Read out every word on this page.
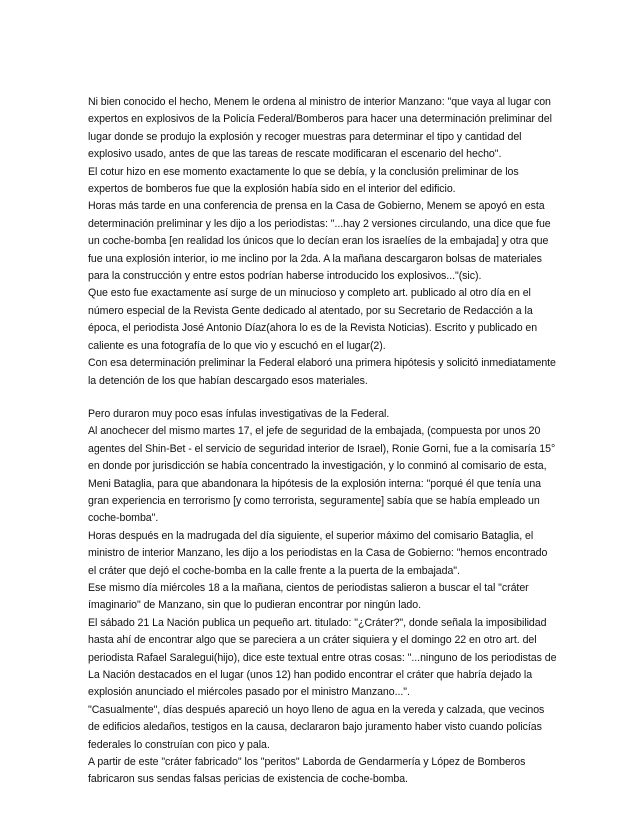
Ni bien conocido el hecho, Menem le ordena al ministro de interior Manzano: "que vaya al lugar con expertos en explosivos de la Policía Federal/Bomberos para hacer una determinación preliminar del lugar donde se produjo la explosión y recoger muestras para determinar el tipo y cantidad del explosivo usado, antes de que las tareas de rescate modificaran el escenario del hecho".

El cotur hizo en ese momento exactamente lo que se debía, y la conclusión preliminar de los expertos de bomberos fue que la explosión había sido en el interior del edificio.

Horas más tarde en una conferencia de prensa en la Casa de Gobierno, Menem se apoyó en esta determinación preliminar y les dijo a los periodistas: "...hay 2 versiones circulando, una dice que fue un coche-bomba [en realidad los únicos que lo decían eran los israelíes de la embajada] y otra que fue una explosión interior, io me inclino por la 2da. A la mañana descargaron bolsas de materiales para la construcción y entre estos podrían haberse introducido los explosivos..."(sic).

Que esto fue exactamente así surge de un minucioso y completo art. publicado al otro día en el número especial de la Revista Gente dedicado al atentado, por su Secretario de Redacción a la época, el periodista José Antonio Díaz(ahora lo es de la Revista Noticias). Escrito y publicado en caliente es una fotografía de lo que vio y escuchó en el lugar(2).

Con esa determinación preliminar la Federal elaboró una primera hipótesis y solicitó inmediatamente la detención de los que habían descargado esos materiales.

Pero duraron muy poco esas ínfulas investigativas de la Federal.

Al anochecer del mismo martes 17, el jefe de seguridad de la embajada, (compuesta por unos 20 agentes del Shin-Bet - el servicio de seguridad interior de Israel), Ronie Gorni, fue a la comisaría 15° en donde por jurisdicción se había concentrado la investigación, y lo conminó al comisario de esta, Meni Bataglia, para que abandonara la hipótesis de la explosión interna: "porqué él que tenía una gran experiencia en terrorismo [y como terrorista, seguramente] sabía que se había empleado un coche-bomba".

Horas después en la madrugada del día siguiente, el superior máximo del comisario Bataglia, el ministro de interior Manzano, les dijo a los periodistas en la Casa de Gobierno: "hemos encontrado el cráter que dejó el coche-bomba en la calle frente a la puerta de la embajada".

Ese mismo día miércoles 18 a la mañana, cientos de periodistas salieron a buscar el tal "cráter ímaginario" de Manzano, sin que lo pudieran encontrar por ningún lado.

El sábado 21 La Nación publica un pequeño art. titulado: "¿Cráter?", donde señala la imposibilidad hasta ahí de encontrar algo que se pareciera a un cráter siquiera y el domingo 22 en otro art. del periodista Rafael Saralegui(hijo), dice este textual entre otras cosas: "...ninguno de los periodistas de La Nación destacados en el lugar (unos 12) han podido encontrar el cráter que habría dejado la explosión anunciado el miércoles pasado por el ministro Manzano...".

"Casualmente", días después apareció un hoyo lleno de agua en la vereda y calzada, que vecinos de edificios aledaños, testigos en la causa, declararon bajo juramento haber visto cuando policías federales lo construían con pico y pala.

A partir de este "cráter fabricado" los "peritos" Laborda de Gendarmería y López de Bomberos fabricaron sus sendas falsas pericias de existencia de coche-bomba.
